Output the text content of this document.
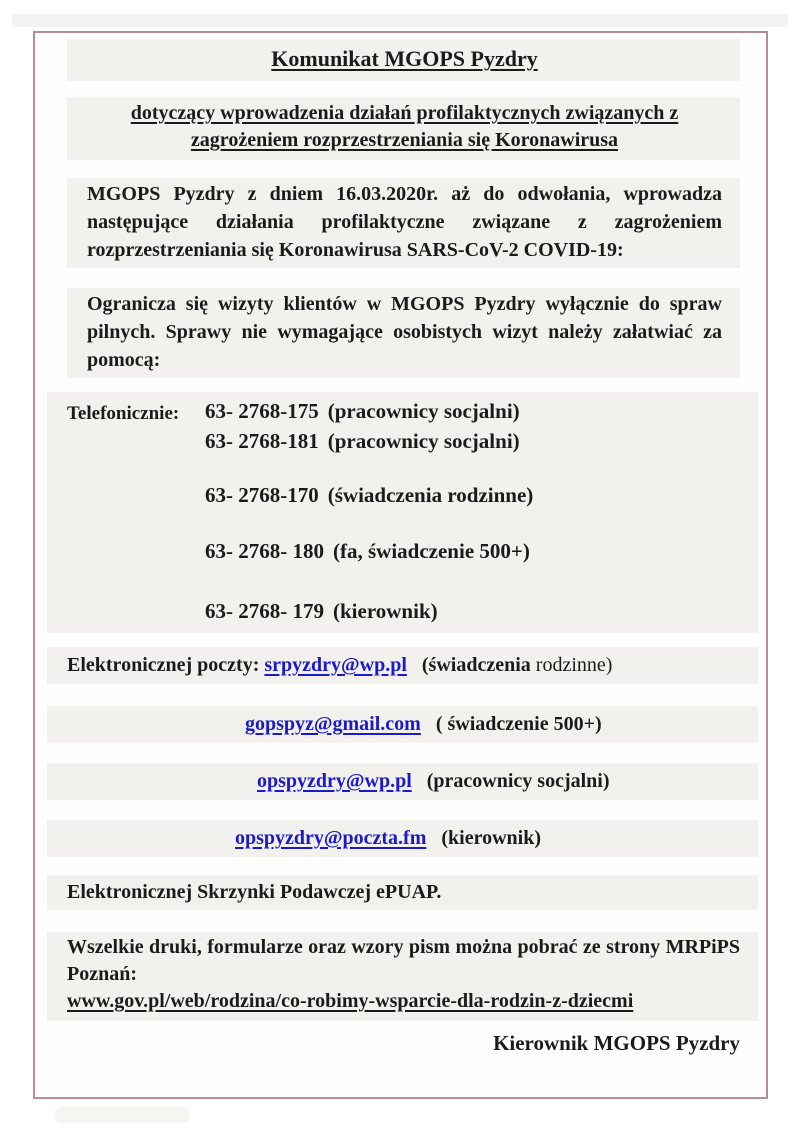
Komunikat MGOPS Pyzdry
dotyczący wprowadzenia działań profilaktycznych związanych z zagrożeniem rozprzestrzeniania się Koronawirusa

MGOPS Pyzdry z dniem 16.03.2020r. aż do odwołania, wprowadza następujące działania profilaktyczne związane z zagrożeniem rozprzestrzeniania się Koronawirusa SARS-CoV-2 COVID-19:

Ogranicza się wizyty klientów w MGOPS Pyzdry wyłącznie do spraw pilnych. Sprawy nie wymagające osobistych wizyt należy załatwiać za pomocą:

Telefonicznie:	63- 2768-175 (pracownicy socjalni)
63- 2768-181 (pracownicy socjalni)
63- 2768-170 (świadczenia rodzinne)
63- 2768- 180 (fa, świadczenie 500+)
63- 2768- 179 (kierownik)
Elektronicznej poczty: srpyzdry@wp.pl (świadczenia rodzinne)
gopspyz@gmail.com ( świadczenie 500+)
opspyzdry@wp.pl (pracownicy socjalni)
opspyzdry@poczta.fm (kierownik)
Elektronicznej Skrzynki Podawczej ePUAP.
Wszelkie druki, formularze oraz wzory pism można pobrać ze strony MRPiPS Poznań:
www.gov.pl/web/rodzina/co-robimy-wsparcie-dla-rodzin-z-dziecmi
Kierownik MGOPS Pyzdry
